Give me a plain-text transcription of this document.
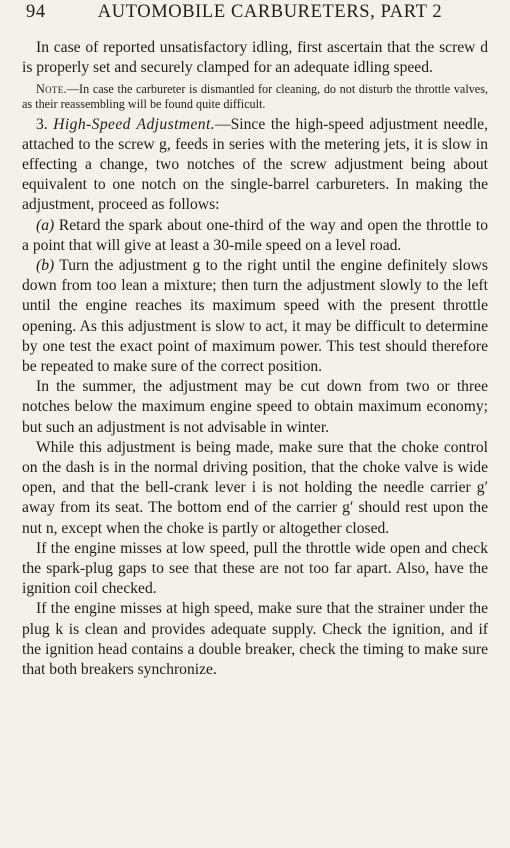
94	AUTOMOBILE CARBURETERS, PART 2

In case of reported unsatisfactory idling, first ascertain that the screw d is properly set and securely clamped for an adequate idling speed.

Note.—In case the carbureter is dismantled for cleaning, do not disturb the throttle valves, as their reassembling will be found quite difficult.

3. High-Speed Adjustment.—Since the high-speed adjustment needle, attached to the screw g, feeds in series with the metering jets, it is slow in effecting a change, two notches of the screw adjustment being about equivalent to one notch on the single-barrel carbureters. In making the adjustment, proceed as follows:

(a) Retard the spark about one-third of the way and open the throttle to a point that will give at least a 30-mile speed on a level road.

(b) Turn the adjustment g to the right until the engine definitely slows down from too lean a mixture; then turn the adjustment slowly to the left until the engine reaches its maximum speed with the present throttle opening. As this adjustment is slow to act, it may be difficult to determine by one test the exact point of maximum power. This test should therefore be repeated to make sure of the correct position.

In the summer, the adjustment may be cut down from two or three notches below the maximum engine speed to obtain maximum economy; but such an adjustment is not advisable in winter.

While this adjustment is being made, make sure that the choke control on the dash is in the normal driving position, that the choke valve is wide open, and that the bell-crank lever i is not holding the needle carrier g′ away from its seat. The bottom end of the carrier g′ should rest upon the nut n, except when the choke is partly or altogether closed.

If the engine misses at low speed, pull the throttle wide open and check the spark-plug gaps to see that these are not too far apart. Also, have the ignition coil checked.

If the engine misses at high speed, make sure that the strainer under the plug k is clean and provides adequate supply. Check the ignition, and if the ignition head contains a double breaker, check the timing to make sure that both breakers synchronize.
